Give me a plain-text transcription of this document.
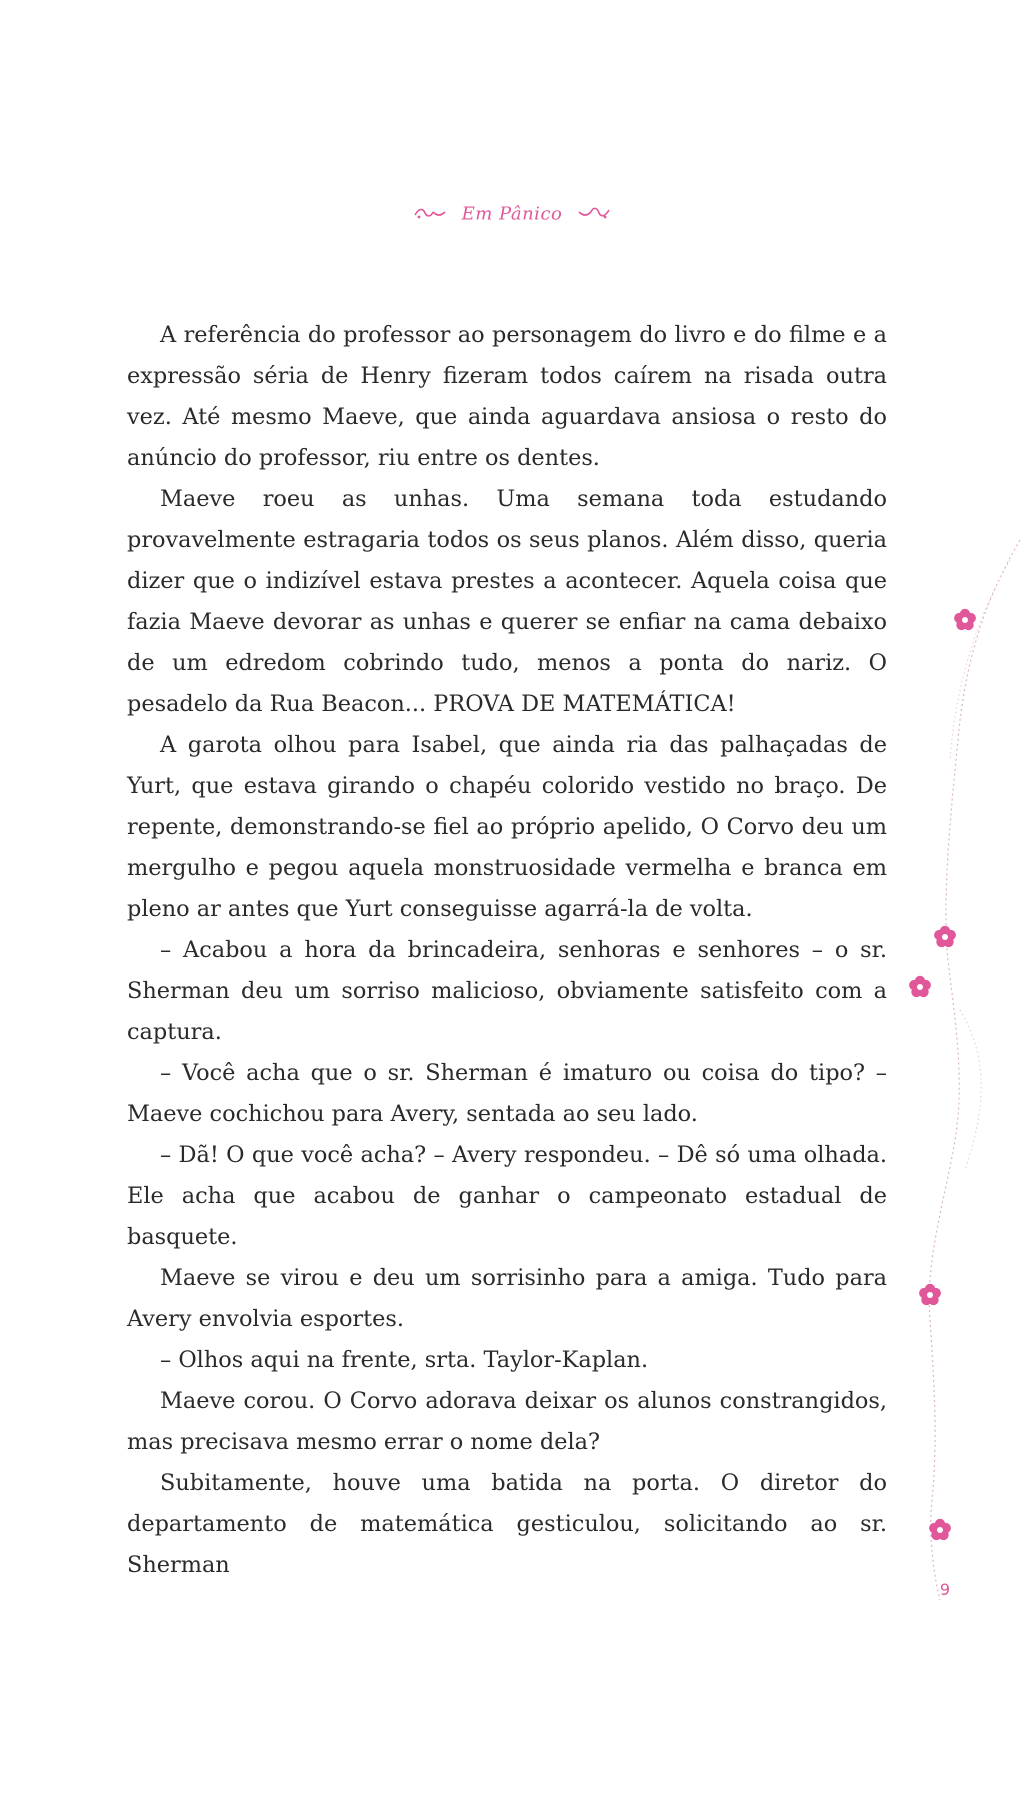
Em Pânico

A referência do professor ao personagem do livro e do filme e a expressão séria de Henry fizeram todos caírem na risada outra vez. Até mesmo Maeve, que ainda aguardava ansiosa o resto do anúncio do professor, riu entre os dentes.

Maeve roeu as unhas. Uma semana toda estudando provavelmente estragaria todos os seus planos. Além disso, queria dizer que o indizível estava prestes a acontecer. Aquela coisa que fazia Maeve devorar as unhas e querer se enfiar na cama debaixo de um edredom cobrindo tudo, menos a ponta do nariz. O pesadelo da Rua Beacon... PROVA DE MATEMÁTICA!

A garota olhou para Isabel, que ainda ria das palhaçadas de Yurt, que estava girando o chapéu colorido vestido no braço. De repente, demonstrando-se fiel ao próprio apelido, O Corvo deu um mergulho e pegou aquela monstruosidade vermelha e branca em pleno ar antes que Yurt conseguisse agarrá-la de volta.

– Acabou a hora da brincadeira, senhoras e senhores – o sr. Sherman deu um sorriso malicioso, obviamente satisfeito com a captura.

– Você acha que o sr. Sherman é imaturo ou coisa do tipo? – Maeve cochichou para Avery, sentada ao seu lado.

– Dã! O que você acha? – Avery respondeu. – Dê só uma olhada. Ele acha que acabou de ganhar o campeonato estadual de basquete.

Maeve se virou e deu um sorrisinho para a amiga. Tudo para Avery envolvia esportes.

– Olhos aqui na frente, srta. Taylor-Kaplan.

Maeve corou. O Corvo adorava deixar os alunos constrangidos, mas precisava mesmo errar o nome dela?

Subitamente, houve uma batida na porta. O diretor do departamento de matemática gesticulou, solicitando ao sr. Sherman

9
